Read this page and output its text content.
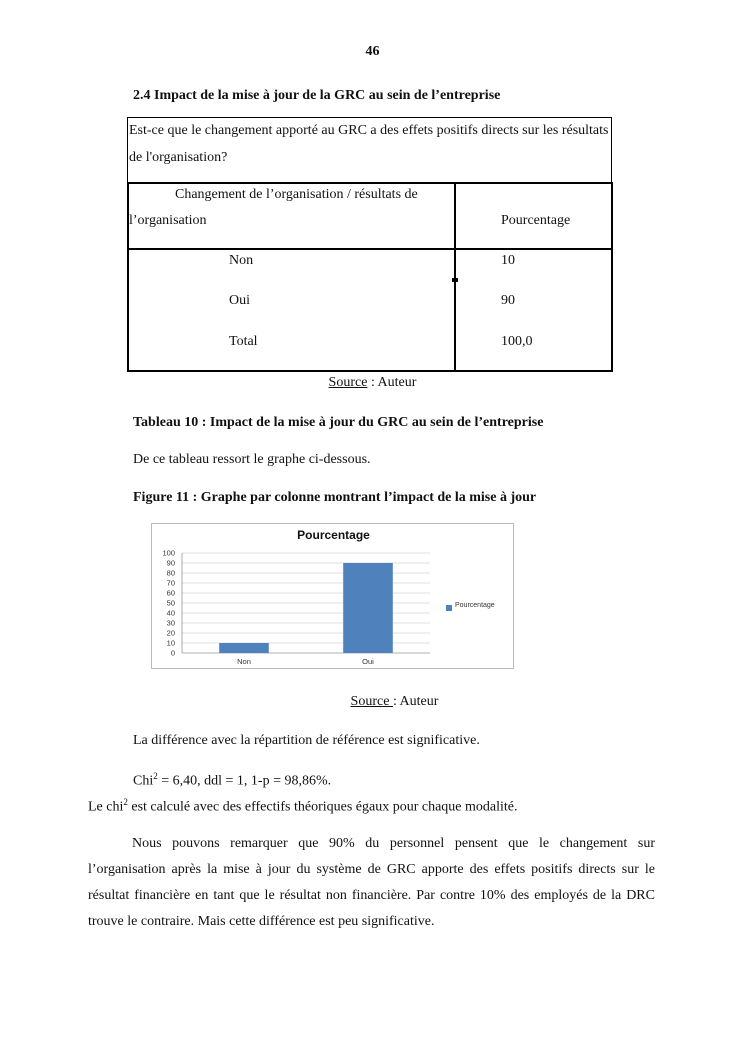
46
2.4 Impact de la mise à jour de la GRC au sein de l’entreprise
Est-ce que le changement apporté au GRC a des effets positifs directs sur les résultats de l'organisation?
Changement de l’organisation / résultats de
l’organisation	Pourcentage
Non	10
Oui	90
Total	100,0
Source : Auteur
Tableau 10 : Impact de la mise à jour du GRC au sein de l’entreprise
De ce tableau ressort le graphe ci-dessous.
Figure 11 : Graphe par colonne montrant l’impact de la mise à jour
Pourcentage
0
10
20
30
40
50
60
70
80
90
100
Non	Oui
Pourcentage
Source : Auteur
La différence avec la répartition de référence est significative.
Chi$^2$ = 6,40, ddl = 1, 1-p = 98,86%.
Le chi$^2$ est calculé avec des effectifs théoriques égaux pour chaque modalité.
Nous pouvons remarquer que 90% du personnel pensent que le changement sur l’organisation après la mise à jour du système de GRC apporte des effets positifs directs sur le résultat financière en tant que le résultat non financière. Par contre 10% des employés de la DRC trouve le contraire. Mais cette différence est peu significative.
